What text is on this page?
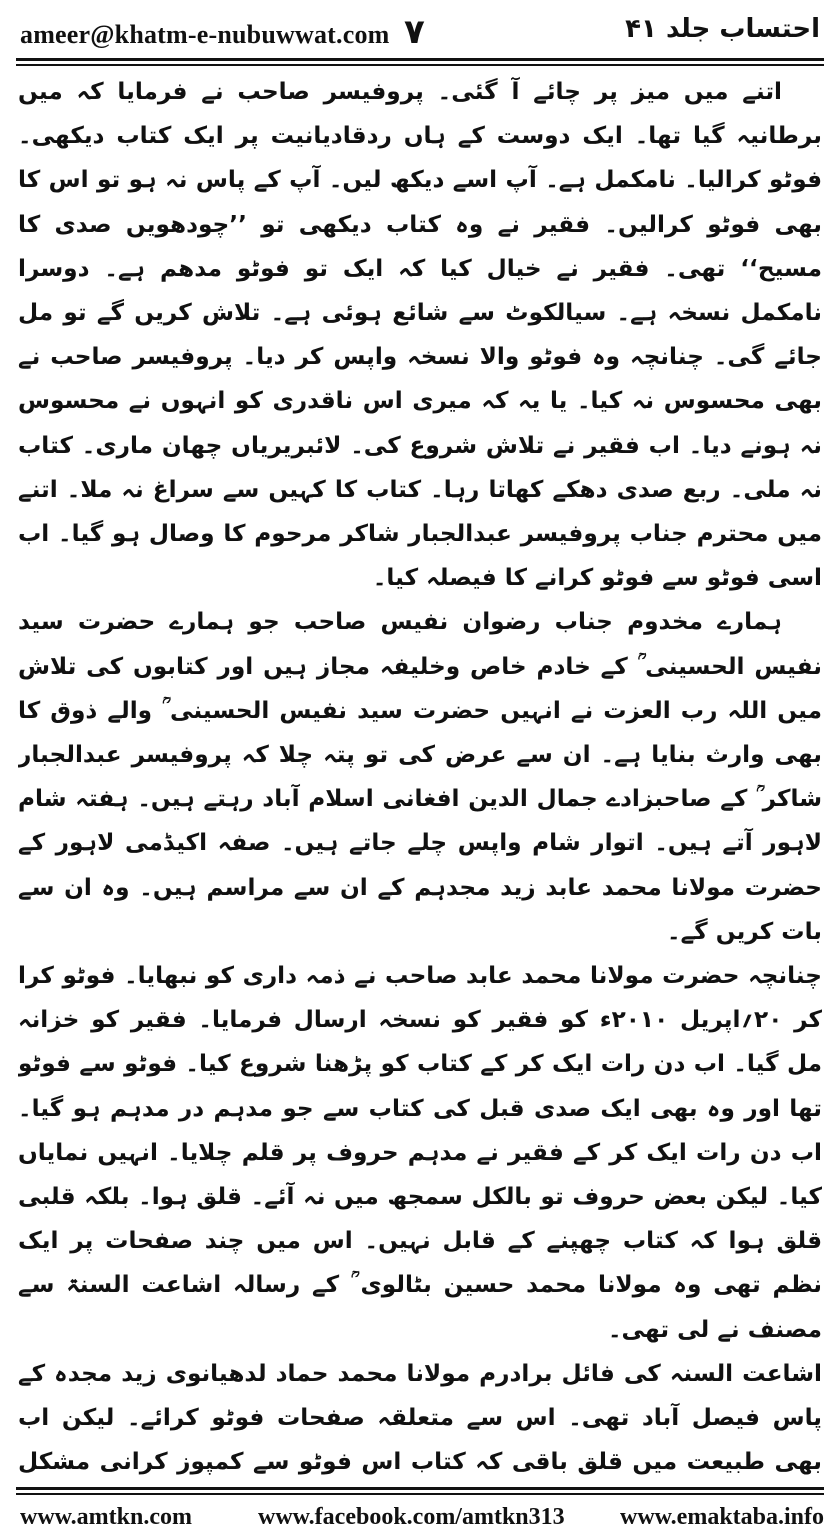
ameer@khatm-e-nubuwwat.com ۷	احتساب جلد ۴۱

اتنے میں میز پر چائے آ گئی۔ پروفیسر صاحب نے فرمایا کہ میں برطانیہ گیا تھا۔ ایک دوست کے ہاں ردقادیانیت پر ایک کتاب دیکھی۔ فوٹو کرالیا۔ نامکمل ہے۔ آپ اسے دیکھ لیں۔ آپ کے پاس نہ ہو تو اس کا بھی فوٹو کرالیں۔ فقیر نے وہ کتاب دیکھی تو ’’چودھویں صدی کا مسیح‘‘ تھی۔ فقیر نے خیال کیا کہ ایک تو فوٹو مدھم ہے۔ دوسرا نامکمل نسخہ ہے۔ سیالکوٹ سے شائع ہوئی ہے۔ تلاش کریں گے تو مل جائے گی۔ چنانچہ وہ فوٹو والا نسخہ واپس کر دیا۔ پروفیسر صاحب نے بھی محسوس نہ کیا۔ یا یہ کہ میری اس ناقدری کو انہوں نے محسوس نہ ہونے دیا۔ اب فقیر نے تلاش شروع کی۔ لائبریریاں چھان ماری۔ کتاب نہ ملی۔ ربع صدی دھکے کھاتا رہا۔ کتاب کا کہیں سے سراغ نہ ملا۔ اتنے میں محترم جناب پروفیسر عبدالجبار شاکر مرحوم کا وصال ہو گیا۔ اب اسی فوٹو سے فوٹو کرانے کا فیصلہ کیا۔

ہمارے مخدوم جناب رضوان نفیس صاحب جو ہمارے حضرت سید نفیس الحسینی ؒ کے خادم خاص وخلیفہ مجاز ہیں اور کتابوں کی تلاش میں اللہ رب العزت نے انہیں حضرت سید نفیس الحسینی ؒ والے ذوق کا بھی وارث بنایا ہے۔ ان سے عرض کی تو پتہ چلا کہ پروفیسر عبدالجبار شاکر ؒ کے صاحبزادے جمال الدین افغانی اسلام آباد رہتے ہیں۔ ہفتہ شام لاہور آتے ہیں۔ اتوار شام واپس چلے جاتے ہیں۔ صفہ اکیڈمی لاہور کے حضرت مولانا محمد عابد زید مجدہم کے ان سے مراسم ہیں۔ وہ ان سے بات کریں گے۔

چنانچہ حضرت مولانا محمد عابد صاحب نے ذمہ داری کو نبھایا۔ فوٹو کرا کر ۲۰؍اپریل ۲۰۱۰ء کو فقیر کو نسخہ ارسال فرمایا۔ فقیر کو خزانہ مل گیا۔ اب دن رات ایک کر کے کتاب کو پڑھنا شروع کیا۔ فوٹو سے فوٹو تھا اور وہ بھی ایک صدی قبل کی کتاب سے جو مدہم در مدہم ہو گیا۔ اب دن رات ایک کر کے فقیر نے مدہم حروف پر قلم چلایا۔ انہیں نمایاں کیا۔ لیکن بعض حروف تو بالکل سمجھ میں نہ آئے۔ قلق ہوا۔ بلکہ قلبی قلق ہوا کہ کتاب چھپنے کے قابل نہیں۔ اس میں چند صفحات پر ایک نظم تھی وہ مولانا محمد حسین بٹالوی ؒ کے رسالہ اشاعت السنۃ سے مصنف نے لی تھی۔

اشاعت السنہ کی فائل برادرم مولانا محمد حماد لدھیانوی زید مجدہ کے پاس فیصل آباد تھی۔ اس سے متعلقہ صفحات فوٹو کرائے۔ لیکن اب بھی طبیعت میں قلق باقی کہ کتاب اس فوٹو سے کمپوز کرانی مشکل

www.amtkn.com	www.facebook.com/amtkn313 www.emaktaba.info
